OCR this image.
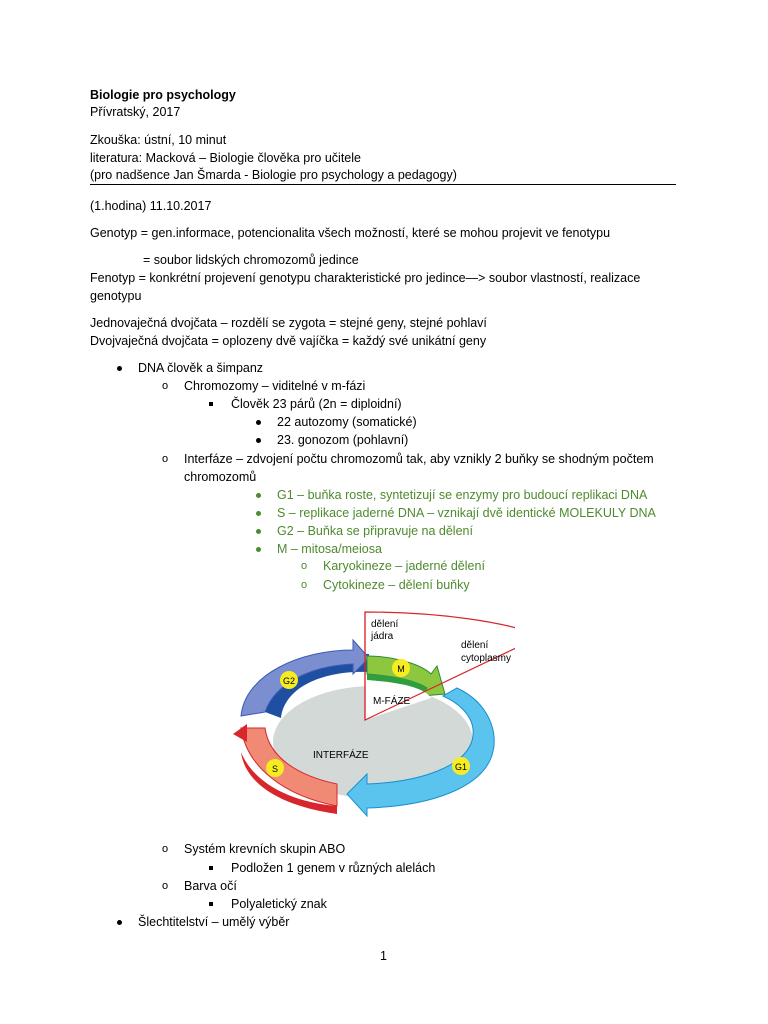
Biologie pro psychology
Přívratský, 2017
Zkouška: ústní, 10 minut
literatura: Macková – Biologie člověka pro učitele
(pro nadšence Jan Šmarda - Biologie pro psychology a pedagogy)
(1.hodina) 11.10.2017
Genotyp = gen.informace, potencionalita všech možností, které se mohou projevit ve fenotypu
= soubor lidských chromozomů jedince
Fenotyp = konkrétní projevení genotypu charakteristické pro jedince—> soubor vlastností, realizace
genotypu
Jednovaječná dvojčata – rozdělí se zygota = stejné geny, stejné pohlaví
Dvojvaječná dvojčata = oplozeny dvě vajíčka = každý své unikátní geny
DNA člověk a šimpanz
o Chromozomy – viditelné v m-fázi
Člověk 23 párů (2n = diploidní)
22 autozomy (somatické)
23. gonozom (pohlavní)
o Interfáze – zdvojení počtu chromozomů tak, aby vznikly 2 buňky se shodným počtem
chromozomů
G1 – buňka roste, syntetizují se enzymy pro budoucí replikaci DNA
S – replikace jaderné DNA – vznikají dvě identické MOLEKULY DNA
G2 – Buňka se připravuje na dělení
M – mitosa/meiosa
o Karyokineze – jaderné dělení
o Cytokineze – dělení buňky
G2
M
S	G1
M-FÁZE
INTERFÁZE
dělení
jádra
dělení
cytoplasmy
o Systém krevních skupin ABO
Podložen 1 genem v různých alelách
o Barva očí
Polyaletický znak
Šlechtitelství – umělý výběr
1
